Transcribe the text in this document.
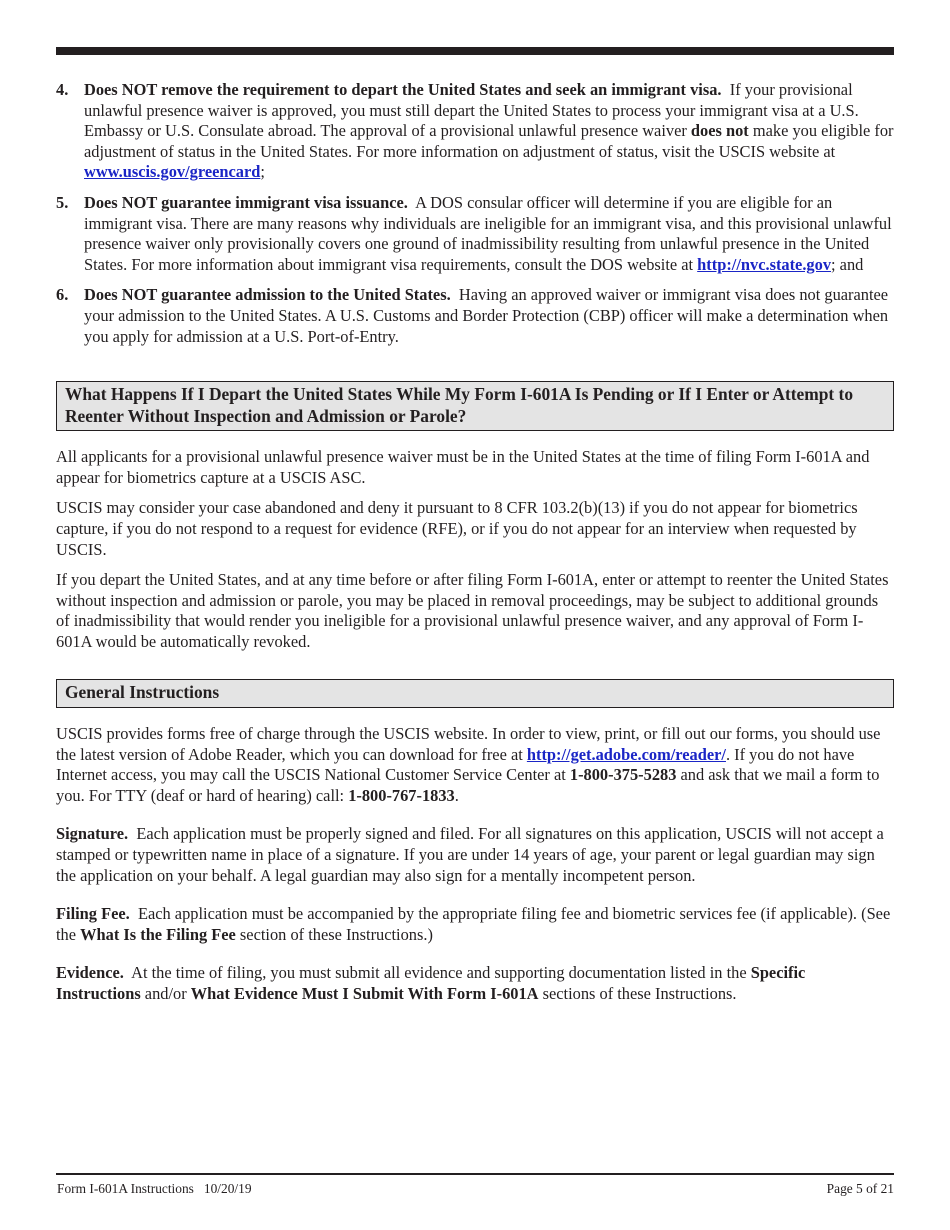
4. Does NOT remove the requirement to depart the United States and seek an immigrant visa. If your provisional unlawful presence waiver is approved, you must still depart the United States to process your immigrant visa at a U.S. Embassy or U.S. Consulate abroad. The approval of a provisional unlawful presence waiver does not make you eligible for adjustment of status in the United States. For more information on adjustment of status, visit the USCIS website at www.uscis.gov/greencard;
5. Does NOT guarantee immigrant visa issuance. A DOS consular officer will determine if you are eligible for an immigrant visa. There are many reasons why individuals are ineligible for an immigrant visa, and this provisional unlawful presence waiver only provisionally covers one ground of inadmissibility resulting from unlawful presence in the United States. For more information about immigrant visa requirements, consult the DOS website at http://nvc.state.gov; and
6. Does NOT guarantee admission to the United States. Having an approved waiver or immigrant visa does not guarantee your admission to the United States. A U.S. Customs and Border Protection (CBP) officer will make a determination when you apply for admission at a U.S. Port-of-Entry.
What Happens If I Depart the United States While My Form I-601A Is Pending or If I Enter or Attempt to Reenter Without Inspection and Admission or Parole?

All applicants for a provisional unlawful presence waiver must be in the United States at the time of filing Form I-601A and appear for biometrics capture at a USCIS ASC.

USCIS may consider your case abandoned and deny it pursuant to 8 CFR 103.2(b)(13) if you do not appear for biometrics capture, if you do not respond to a request for evidence (RFE), or if you do not appear for an interview when requested by USCIS.

If you depart the United States, and at any time before or after filing Form I-601A, enter or attempt to reenter the United States without inspection and admission or parole, you may be placed in removal proceedings, may be subject to additional grounds of inadmissibility that would render you ineligible for a provisional unlawful presence waiver, and any approval of Form I-601A would be automatically revoked.

General Instructions

USCIS provides forms free of charge through the USCIS website. In order to view, print, or fill out our forms, you should use the latest version of Adobe Reader, which you can download for free at http://get.adobe.com/reader/. If you do not have Internet access, you may call the USCIS National Customer Service Center at 1-800-375-5283 and ask that we mail a form to you. For TTY (deaf or hard of hearing) call: 1-800-767-1833.

Signature. Each application must be properly signed and filed. For all signatures on this application, USCIS will not accept a stamped or typewritten name in place of a signature. If you are under 14 years of age, your parent or legal guardian may sign the application on your behalf. A legal guardian may also sign for a mentally incompetent person.

Filing Fee. Each application must be accompanied by the appropriate filing fee and biometric services fee (if applicable). (See the What Is the Filing Fee section of these Instructions.)

Evidence. At the time of filing, you must submit all evidence and supporting documentation listed in the Specific Instructions and/or What Evidence Must I Submit With Form I-601A sections of these Instructions.

Form I-601A Instructions   10/20/19	Page 5 of 21
